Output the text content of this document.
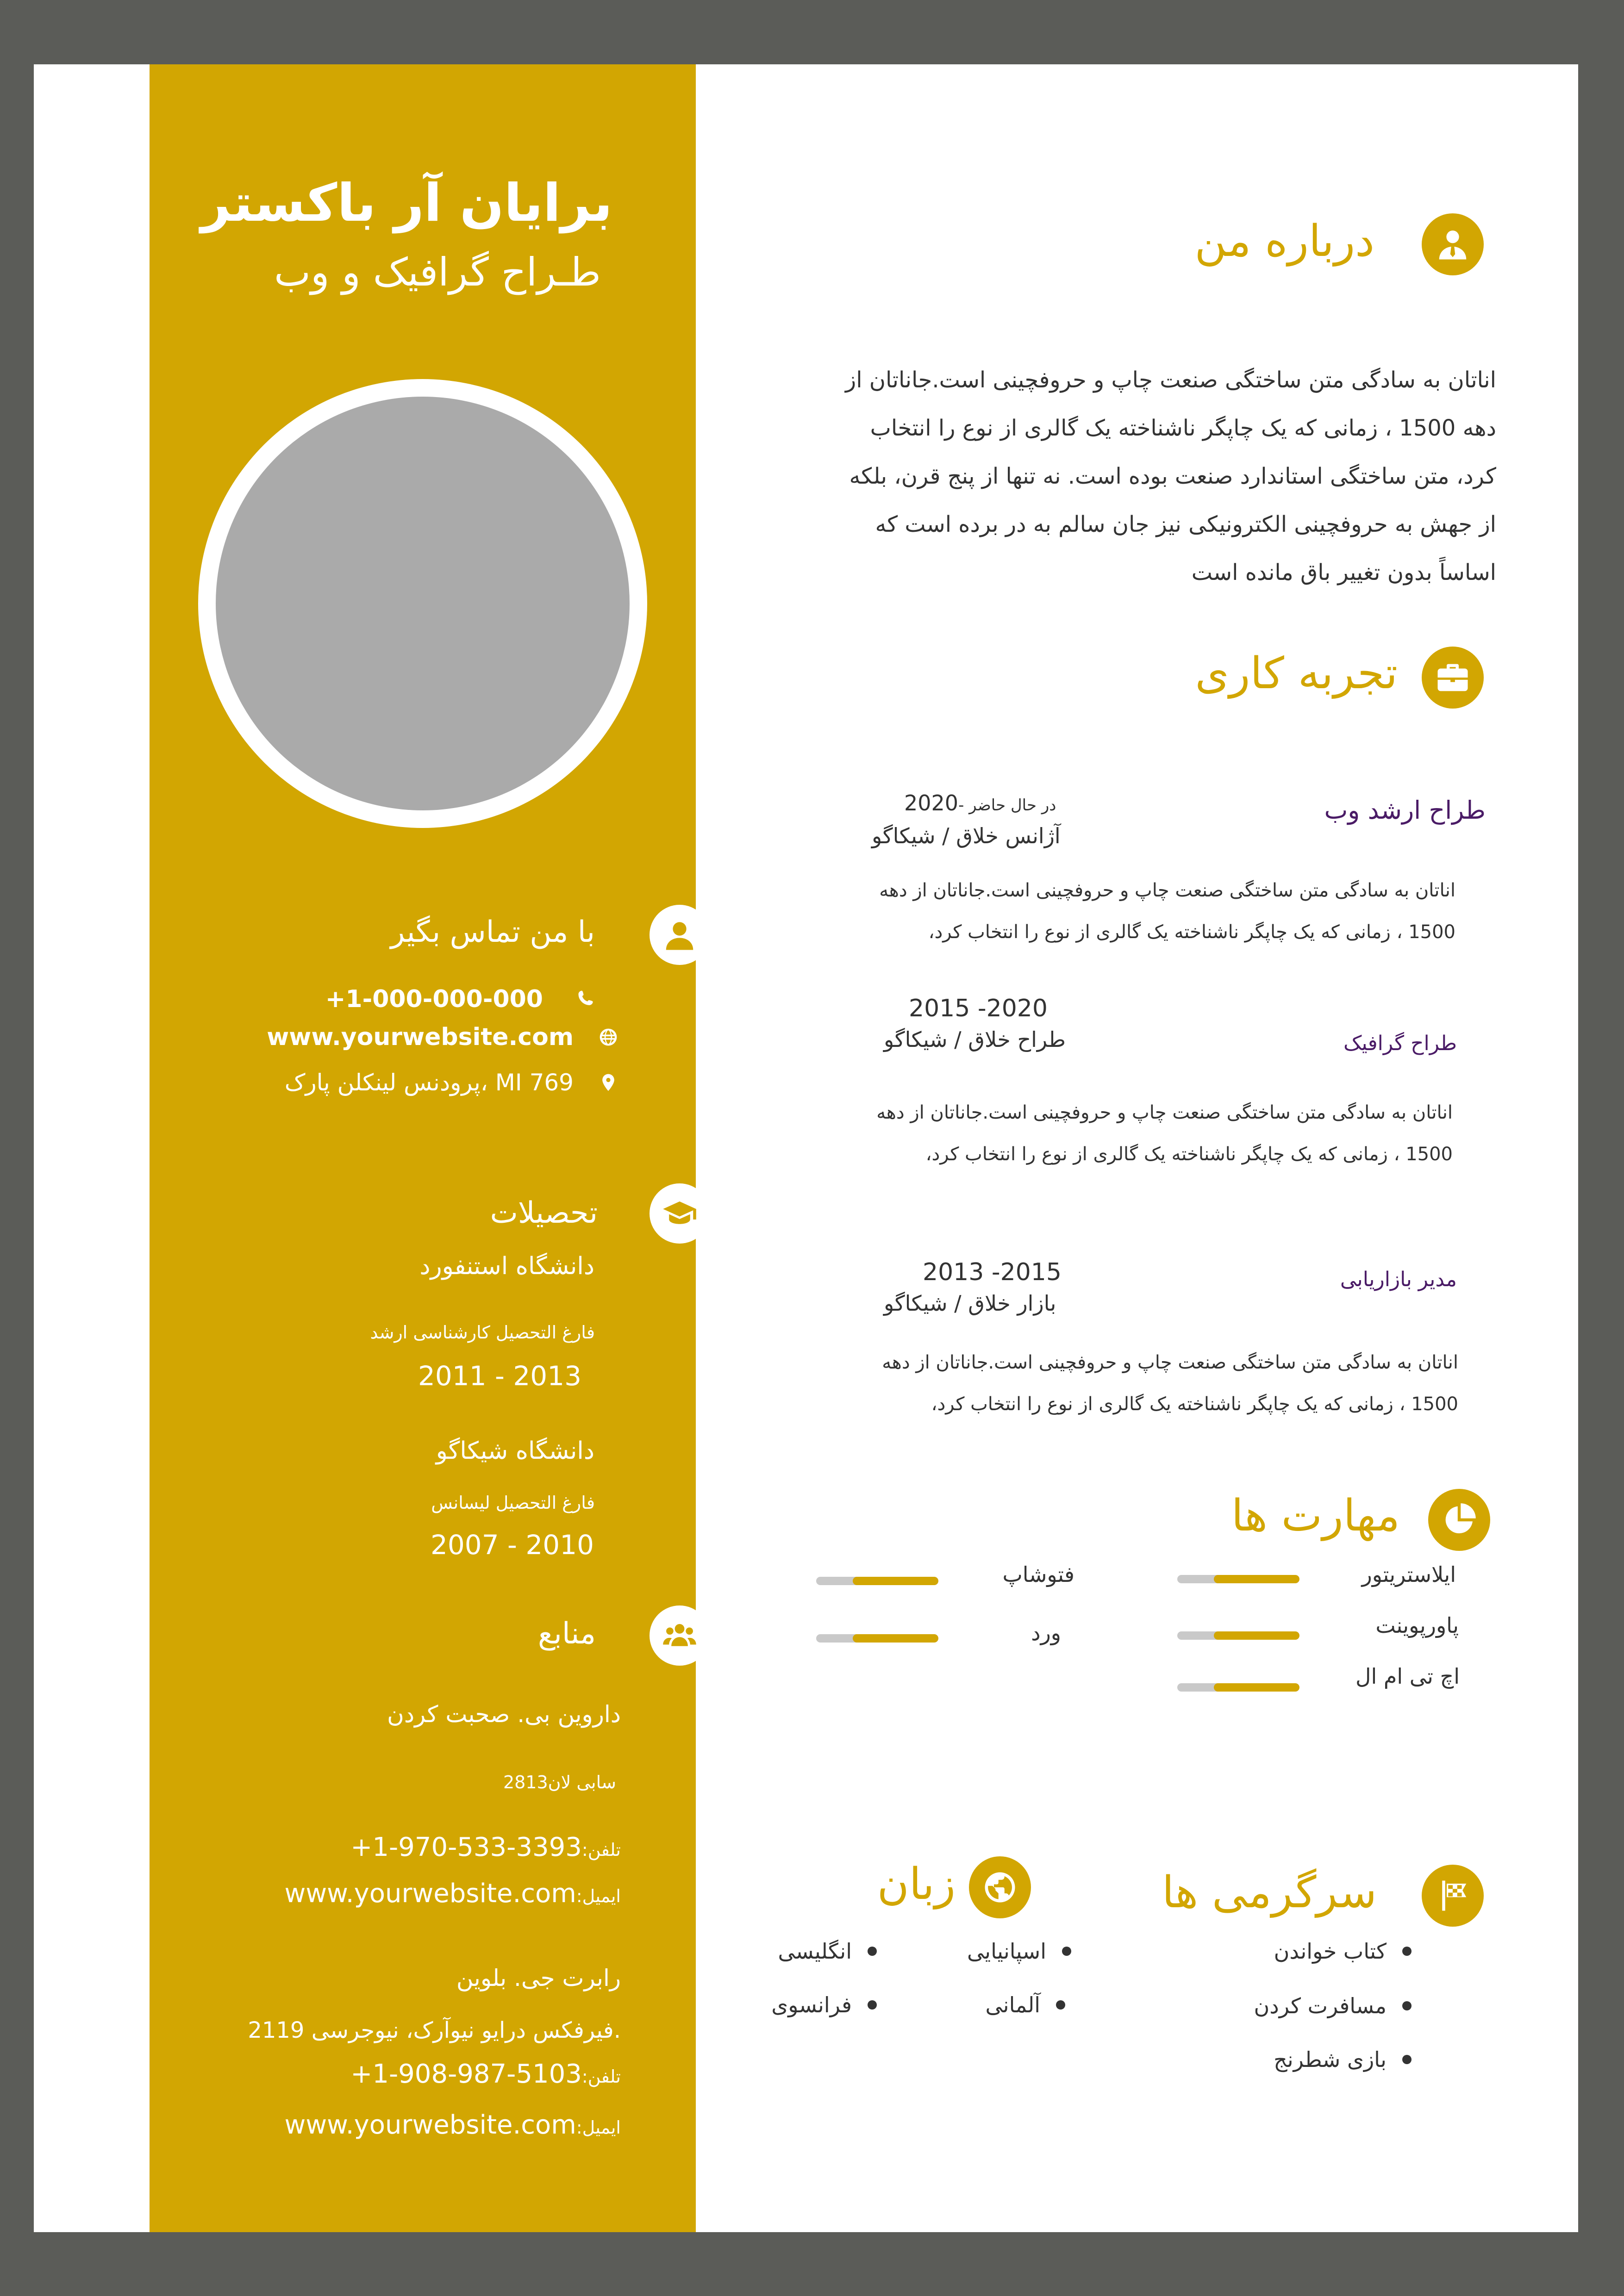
برایان آر باکستر
طـراح گرافیک و وب
با من تماس بگیر
+1-000-000-000
www.yourwebsite.com
769 MI ،پرودنس لینکلن پارک
تحصیلات
دانشگاه استنفورد
فارغ التحصیل کارشناسی ارشد
2011 - 2013
دانشگاه شیکاگو
فارغ التحصیل لیسانس
2007 - 2010
منابع
داروین بی. صحبت کردن
سابی لان2813
تلفن:+1-970-533-3393
ایمیل:www.yourwebsite.com
رابرت جی. بلوین
.فیرفکس درایو نیوآرک، نیوجرسی 2119
تلفن:+1-908-987-5103
ایمیل:www.yourwebsite.com
درباره من
اناتان به سادگی متن ساختگی صنعت چاپ و حروفچینی است.جاناتان از
دهه 1500 ، زمانی که یک چاپگر ناشناخته یک گالری از نوع را انتخاب
کرد، متن ساختگی استاندارد صنعت بوده است. نه تنها از پنج قرن، بلکه
از جهش به حروفچینی الکترونیکی نیز جان سالم به در برده است که
اساساً بدون تغییر باق مانده است
تجربه کاری
طراح ارشد وب
2020در حال حاضر -
آژانس خلاق / شیکاگو
اناتان به سادگی متن ساختگی صنعت چاپ و حروفچینی است.جاناتان از دهه
1500 ، زمانی که یک چاپگر ناشناخته یک گالری از نوع را انتخاب کرد،
طراح گرافیک
2015 -2020
طراح خلاق / شیکاگو
اناتان به سادگی متن ساختگی صنعت چاپ و حروفچینی است.جاناتان از دهه
1500 ، زمانی که یک چاپگر ناشناخته یک گالری از نوع را انتخاب کرد،
مدیر بازاریابی
2013 -2015
بازار خلاق / شیکاگو
اناتان به سادگی متن ساختگی صنعت چاپ و حروفچینی است.جاناتان از دهه
1500 ، زمانی که یک چاپگر ناشناخته یک گالری از نوع را انتخاب کرد،
مهارت ها
ایلاستریتور
پاورپوینت
اچ تی ام ال
فتوشاپ
ورد
سرگرمی ها
کتاب خواندن
مسافرت کردن
بازی شطرنج
زبان
اسپانیایی
انگلیسی
آلمانی
فرانسوی
